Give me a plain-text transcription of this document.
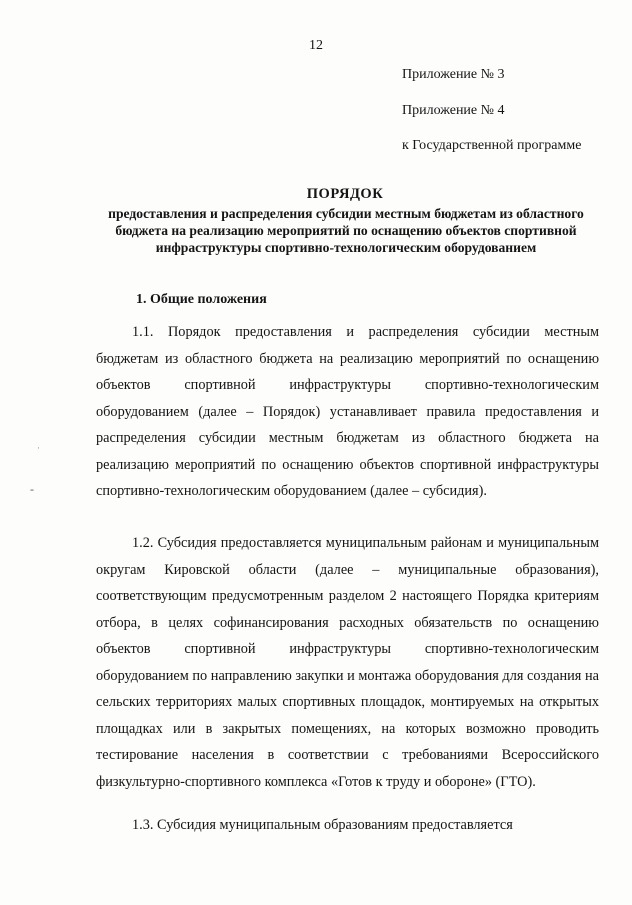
12
Приложение № 3
Приложение № 4
к Государственной программе
ПОРЯДОК
предоставления и распределения субсидии местным бюджетам из областного бюджета на реализацию мероприятий по оснащению объектов спортивной инфраструктуры спортивно-технологическим оборудованием
1. Общие положения

1.1. Порядок предоставления и распределения субсидии местным бюджетам из областного бюджета на реализацию мероприятий по оснащению объектов спортивной инфраструктуры спортивно-технологическим оборудованием (далее – Порядок) устанавливает правила предоставления и распределения субсидии местным бюджетам из областного бюджета на реализацию мероприятий по оснащению объектов спортивной инфраструктуры спортивно-технологическим оборудованием (далее – субсидия).

1.2. Субсидия предоставляется муниципальным районам и муниципальным округам Кировской области (далее – муниципальные образования), соответствующим предусмотренным разделом 2 настоящего Порядка критериям отбора, в целях софинансирования расходных обязательств по оснащению объектов спортивной инфраструктуры спортивно-технологическим оборудованием по направлению закупки и монтажа оборудования для создания на сельских территориях малых спортивных площадок, монтируемых на открытых площадках или в закрытых помещениях, на которых возможно проводить тестирование населения в соответствии с требованиями Всероссийского физкультурно-спортивного комплекса «Готов к труду и обороне» (ГТО).

1.3. Субсидия муниципальным образованиям предоставляется

-
·
